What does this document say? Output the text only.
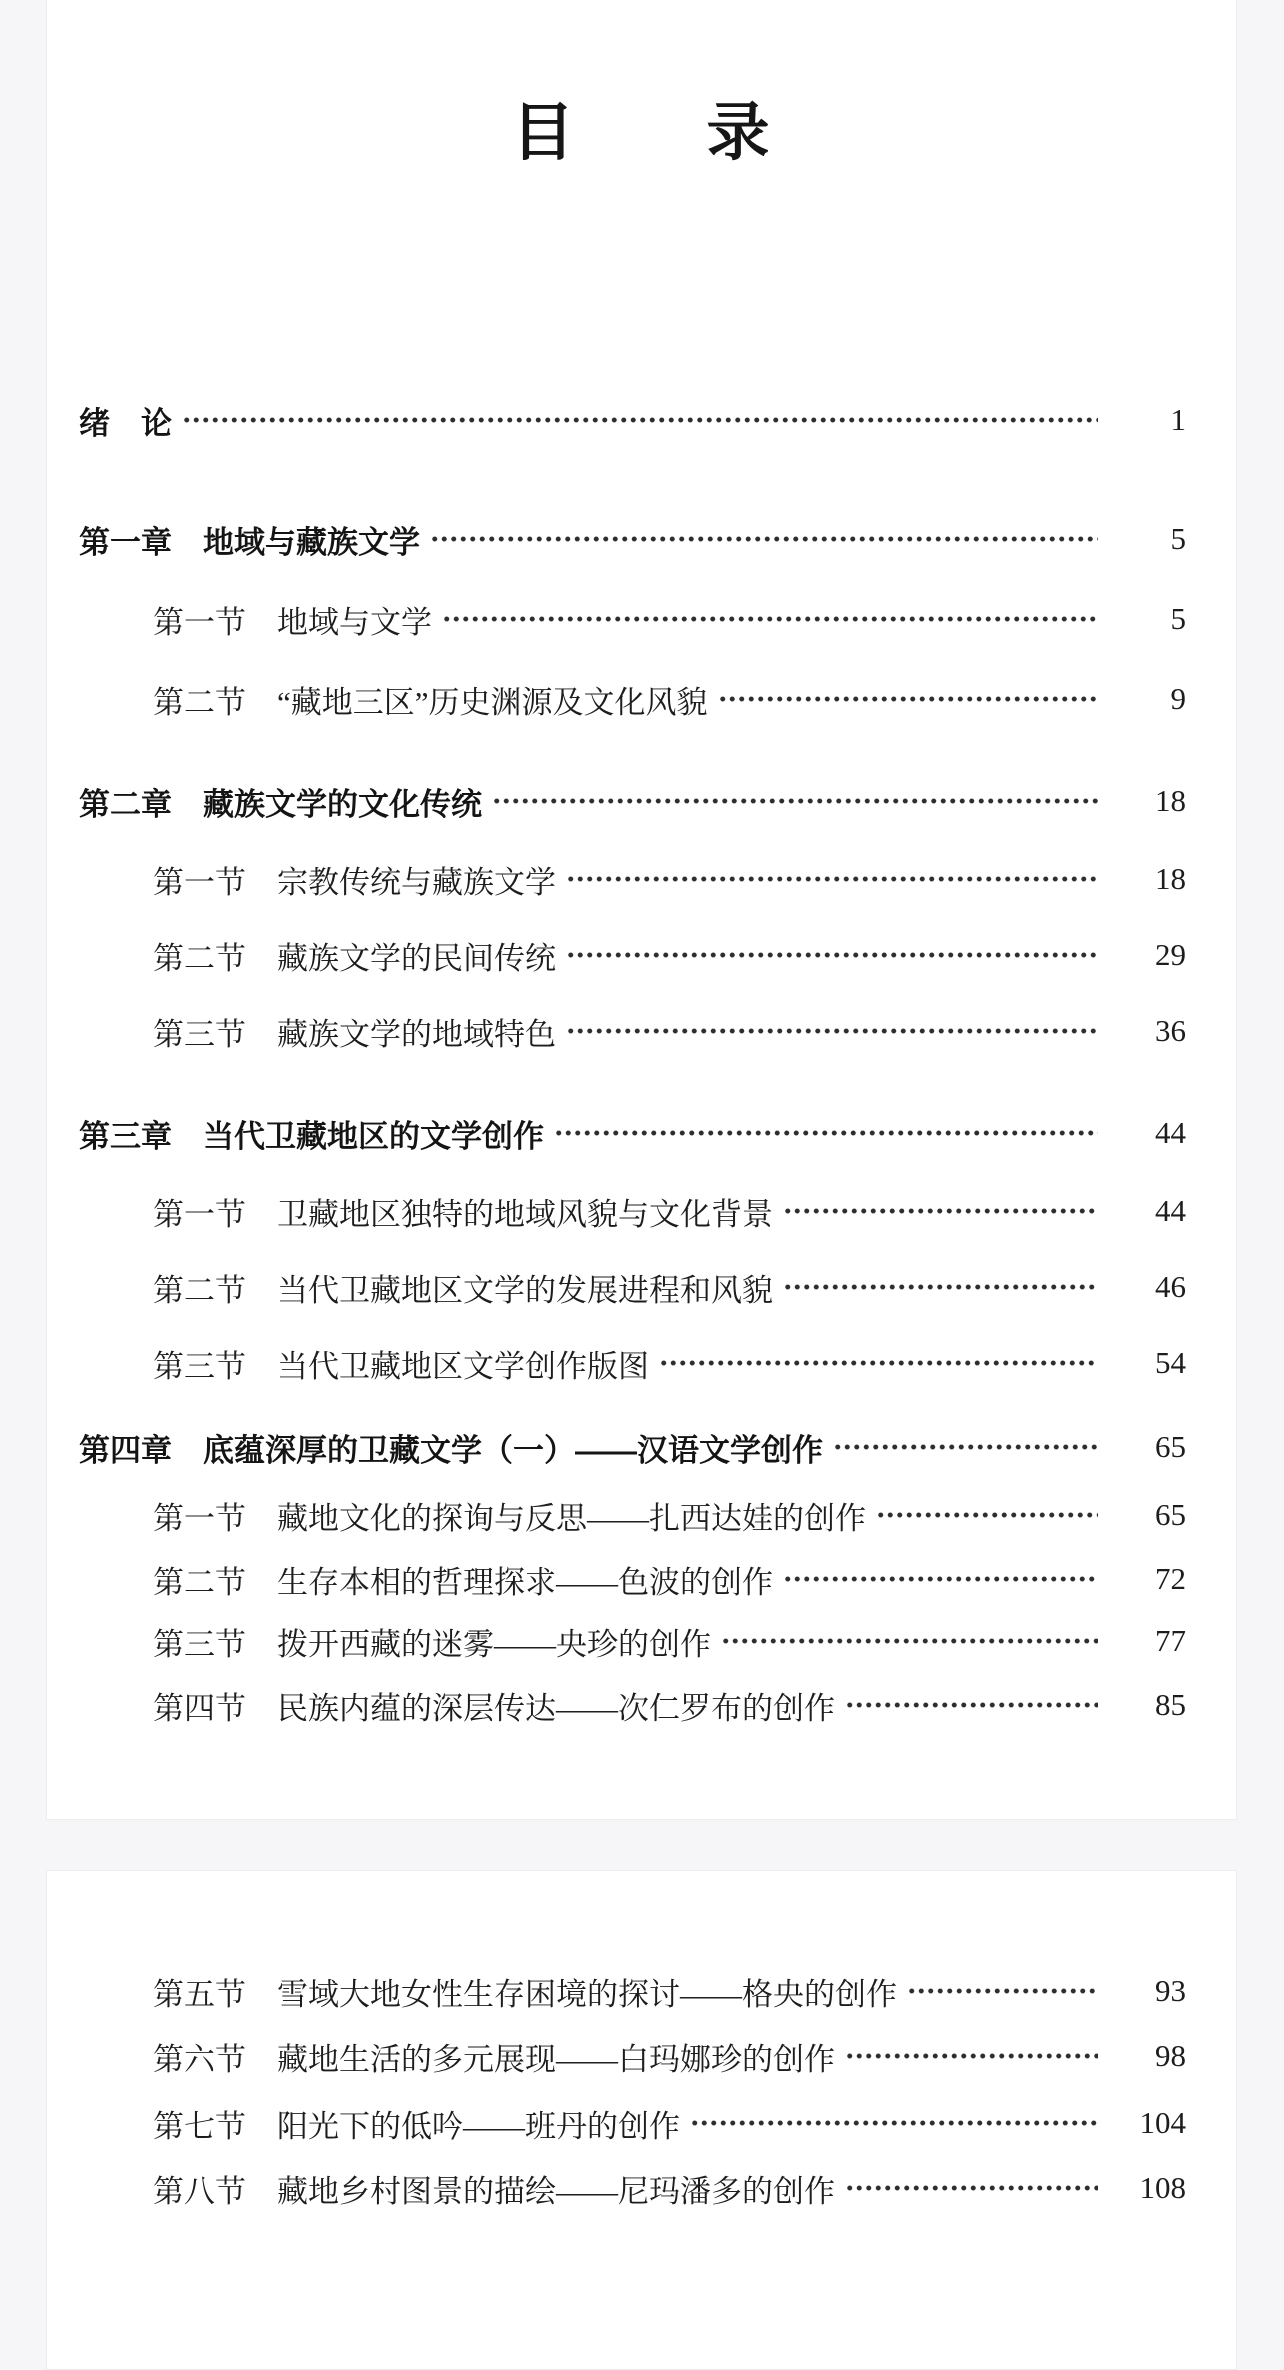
目　　录
绪　论	1
第一章　地域与藏族文学	5
第一节　地域与文学	5
第二节　“藏地三区”历史渊源及文化风貌	9
第二章　藏族文学的文化传统	18
第一节　宗教传统与藏族文学	18
第二节　藏族文学的民间传统	29
第三节　藏族文学的地域特色	36
第三章　当代卫藏地区的文学创作	44
第一节　卫藏地区独特的地域风貌与文化背景	44
第二节　当代卫藏地区文学的发展进程和风貌	46
第三节　当代卫藏地区文学创作版图	54
第四章　底蕴深厚的卫藏文学（一）——汉语文学创作	65
第一节　藏地文化的探询与反思——扎西达娃的创作	65
第二节　生存本相的哲理探求——色波的创作	72
第三节　拨开西藏的迷雾——央珍的创作	77
第四节　民族内蕴的深层传达——次仁罗布的创作	85
第五节　雪域大地女性生存困境的探讨——格央的创作	93
第六节　藏地生活的多元展现——白玛娜珍的创作	98
第七节　阳光下的低吟——班丹的创作	104
第八节　藏地乡村图景的描绘——尼玛潘多的创作	108
